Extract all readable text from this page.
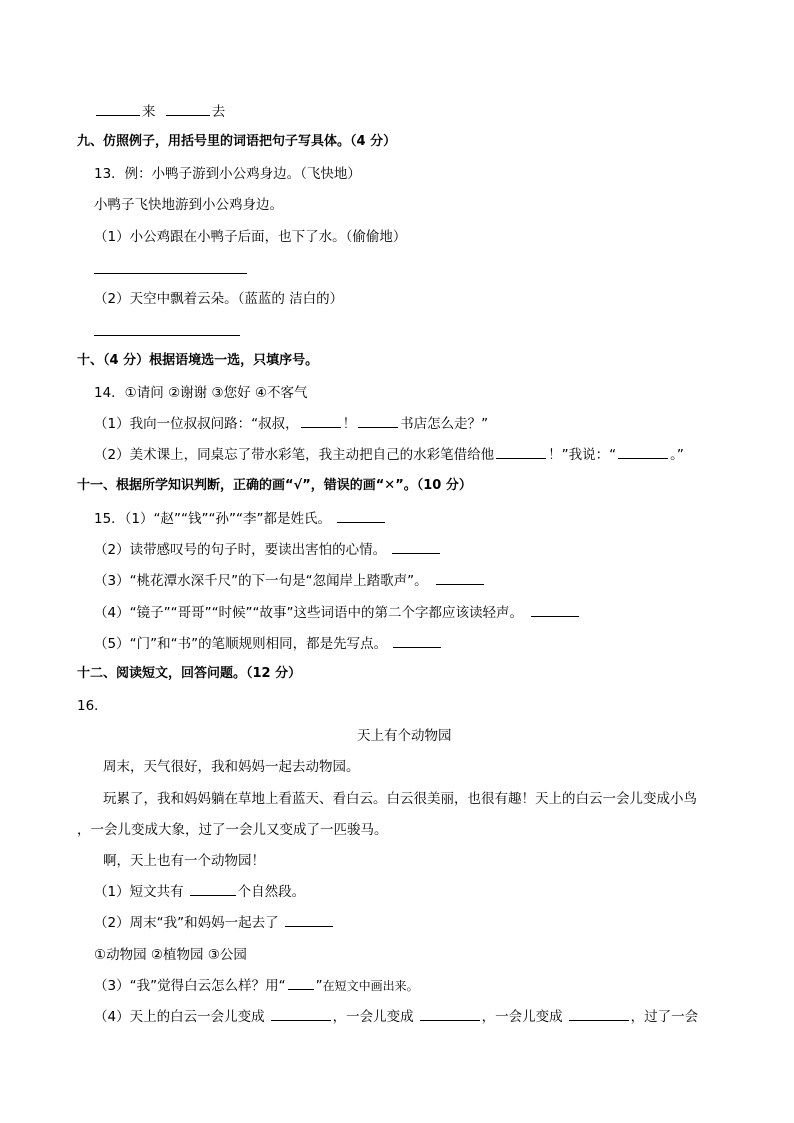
来	去
九、仿照例子，用括号里的词语把句子写具体。（4 分）
13．例：小鸭子游到小公鸡身边。（飞快地）
小鸭子飞快地游到小公鸡身边。
（1）小公鸡跟在小鸭子后面，也下了水。（偷偷地）
（2）天空中飘着云朵。（蓝蓝的 洁白的）
十、（4 分）根据语境选一选，只填序号。
14．①请问 ②谢谢 ③您好 ④不客气
（1）我向一位叔叔问路：“叔叔，	！	书店怎么走？”
（2）美术课上，同桌忘了带水彩笔，我主动把自己的水彩笔借给他	！”我说：“	。”
十一、根据所学知识判断，正确的画“√”，错误的画“✕”。（10 分）
15．（1）“赵”“钱”“孙”“李”都是姓氏。
（2）读带感叹号的句子时，要读出害怕的心情。
（3）“桃花潭水深千尺”的下一句是“忽闻岸上踏歌声”。
（4）“镜子”“哥哥”“时候”“故事”这些词语中的第二个字都应该读轻声。
（5）“门”和“书”的笔顺规则相同，都是先写点。
十二、阅读短文，回答问题。（12 分）
16．
天上有个动物园
周末，天气很好，我和妈妈一起去动物园。
玩累了，我和妈妈躺在草地上看蓝天、看白云。白云很美丽，也很有趣！天上的白云一会儿变成小鸟
，一会儿变成大象，过了一会儿又变成了一匹骏马。
啊，天上也有一个动物园！
（1）短文共有	个自然段。
（2）周末“我”和妈妈一起去了
①动物园 ②植物园 ③公园
（3）“我”觉得白云怎么样？用“ ”在短文中画出来。
（4）天上的白云一会儿变成	，一会儿变成	，一会儿变成	，过了一会
